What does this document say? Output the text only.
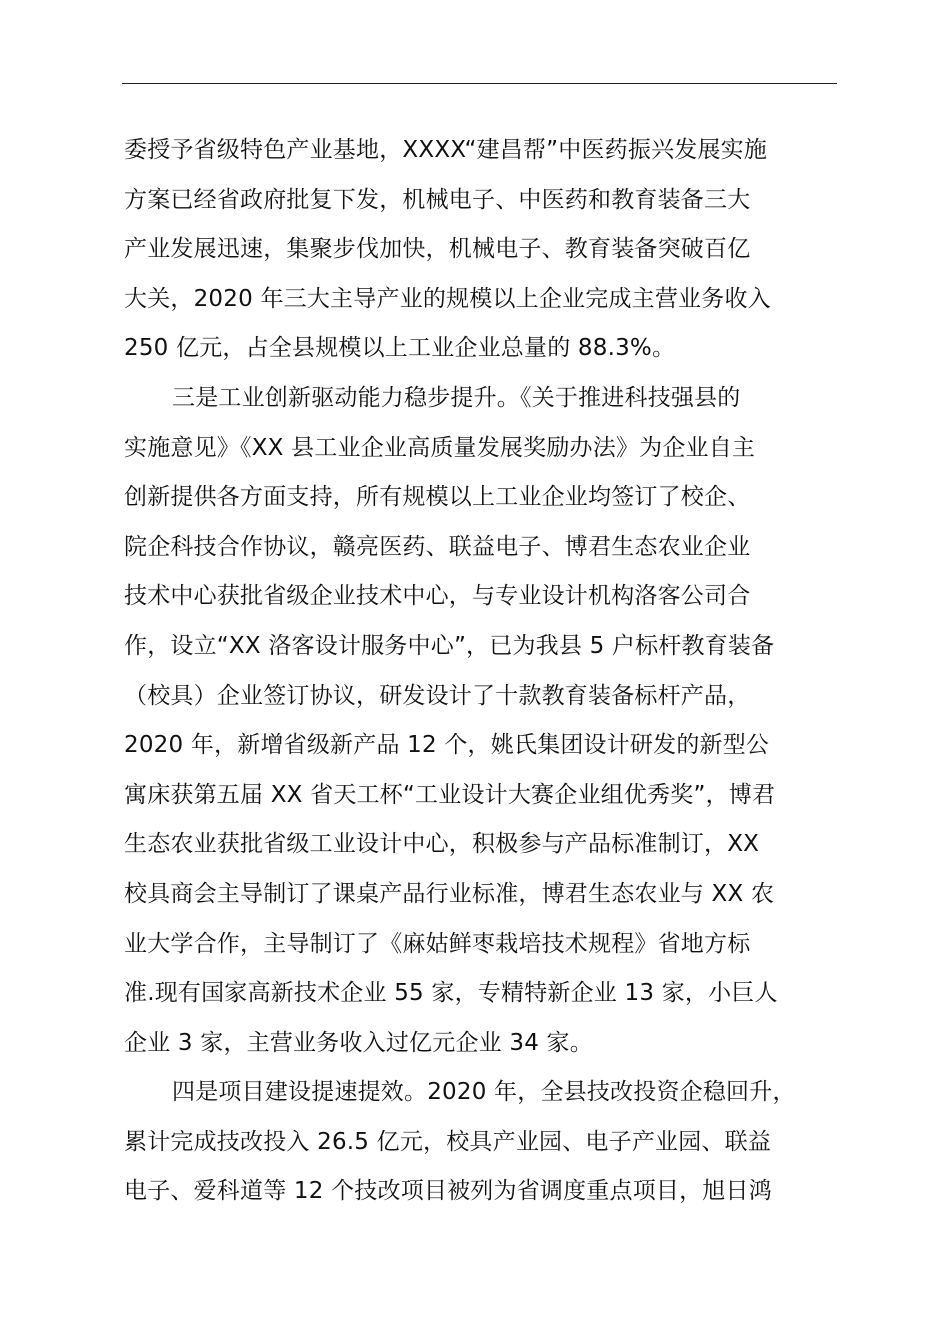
委授予省级特色产业基地，XXXX“建昌帮”中医药振兴发展实施
方案已经省政府批复下发，机械电子、中医药和教育装备三大
产业发展迅速，集聚步伐加快，机械电子、教育装备突破百亿
大关，2020 年三大主导产业的规模以上企业完成主营业务收入
250 亿元，占全县规模以上工业企业总量的 88.3%。
三是工业创新驱动能力稳步提升。《关于推进科技强县的
实施意见》《XX 县工业企业高质量发展奖励办法》为企业自主
创新提供各方面支持，所有规模以上工业企业均签订了校企、
院企科技合作协议，赣亮医药、联益电子、博君生态农业企业
技术中心获批省级企业技术中心，与专业设计机构洛客公司合
作，设立“XX 洛客设计服务中心”，已为我县 5 户标杆教育装备
（校具）企业签订协议，研发设计了十款教育装备标杆产品，
2020 年，新增省级新产品 12 个，姚氏集团设计研发的新型公
寓床获第五届 XX 省天工杯“工业设计大赛企业组优秀奖”，博君
生态农业获批省级工业设计中心，积极参与产品标准制订，XX
校具商会主导制订了课桌产品行业标准，博君生态农业与 XX 农
业大学合作，主导制订了《麻姑鲜枣栽培技术规程》省地方标
准.现有国家高新技术企业 55 家，专精特新企业 13 家，小巨人
企业 3 家，主营业务收入过亿元企业 34 家。
四是项目建设提速提效。2020 年，全县技改投资企稳回升，
累计完成技改投入 26.5 亿元，校具产业园、电子产业园、联益
电子、爱科道等 12 个技改项目被列为省调度重点项目，旭日鸿
